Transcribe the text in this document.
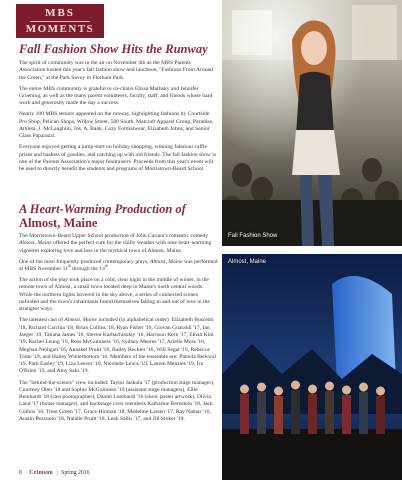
MBS
MOMENTS
Fall Fashion Show Hits the Runway

The spirit of community was in the air on November 4th as the MBS Parents Association hosted this year's fall fashion show and luncheon, "Fashions From Around the Green," at the Park Savoy in Florham Park.

The entire MBS community is grateful to co-chairs Elissa Matlisky and Jennifer Groening, as well as the many parent volunteers, faculty, staff, and friends whose hard work and generosity made the day a success.

Nearly 100 MBS seniors appeared on the runway, highlighting fashions by Courtside Pro Shop, Pelican Shops, Willow Street, 580 South, Matcraft Apparel Group, Paradise, Athleta, J. McLaughlin, Jos. A. Bank, Cozy Formalwear, Elizabeth Johns, and Senior Class Paparazzi.

Everyone enjoyed getting a jump-start on holiday shopping, winning fabulous raffle prizes and baskets of goodies, and catching up with old friends. The fall fashion show is one of the Parents Association's major fundraisers. Proceeds from this year's event will be used to directly benefit the students and programs of Morristown-Beard School.

A Heart-Warming Production of
Almost, Maine

The Morristown-Beard Upper School production of John Cariani's romantic comedy Almost, Maine offered the perfect cure for the chilly weather with nine heart-warming vignettes exploring love and loss in the mythical town of Almost, Maine.

One of the most frequently produced contemporary plays, Almost, Maine was performed at MBS November 11th through the 14th.

The action of the play took place on a cold, clear night in the middle of winter, in the remote town of Almost, a small town located deep in Maine's north central woods. While the northern lights hovered in the sky above, a series of connected scenes unfolded and the town's inhabitants found themselves falling in and out of love in the strangest ways.

The talented cast of Almost, Maine included (in alphabetical order): Elizabeth Buscemi '18, Richard Carchia '18, Brian Collins '18, Ryan Fisher '16, Giovan Guaraldi '17, Ian Jaeger '19, Tatiana James '16, Steven Karbachinskiy '16, Harrison Kern '17, Ethan Kim '19, Rachel Leung '16, Ross McGuinness '16, Sydney Meeres '17, Arielle Moss '16, Meghan Nelligan '16, Annabel Pruitt '16, Bailey Rechler '16, Will Segal '16, Rebecca Tome '19, and Hailey Winterbottom '16. Members of the ensemble are: Pamela Berkwal '19, Patti Easley '19, Liza Leever '19, Nicolette Lewis '19, Lauren Menzies '19, Ira O'Brien '19, and Amy Saks '19.

The "behind-the-scenes" crew included: Taylor Jaskula '17 (production stage manager), Courtney Ober '18 and Sophie McGuinness '19 (assistant stage managers), Ellie Reinhardt '18 (cast photographer), Daniel Lombardi '16 (show poster artwork), Olivia Land '17 (house manager), and backstage crew members Katharine Bernstein '18, Jack Collins '16, Trent Green '17, Grace Hinman '18, Madeline Larsen '17, Ray Namar '16, Austin Pezzuoto '18, Natalie Pruitt '18, Leah Sallis '17, and Jill Stoker '18.

Fall Fashion Show
Almost, Maine
8 Crimson | Spring 2016
